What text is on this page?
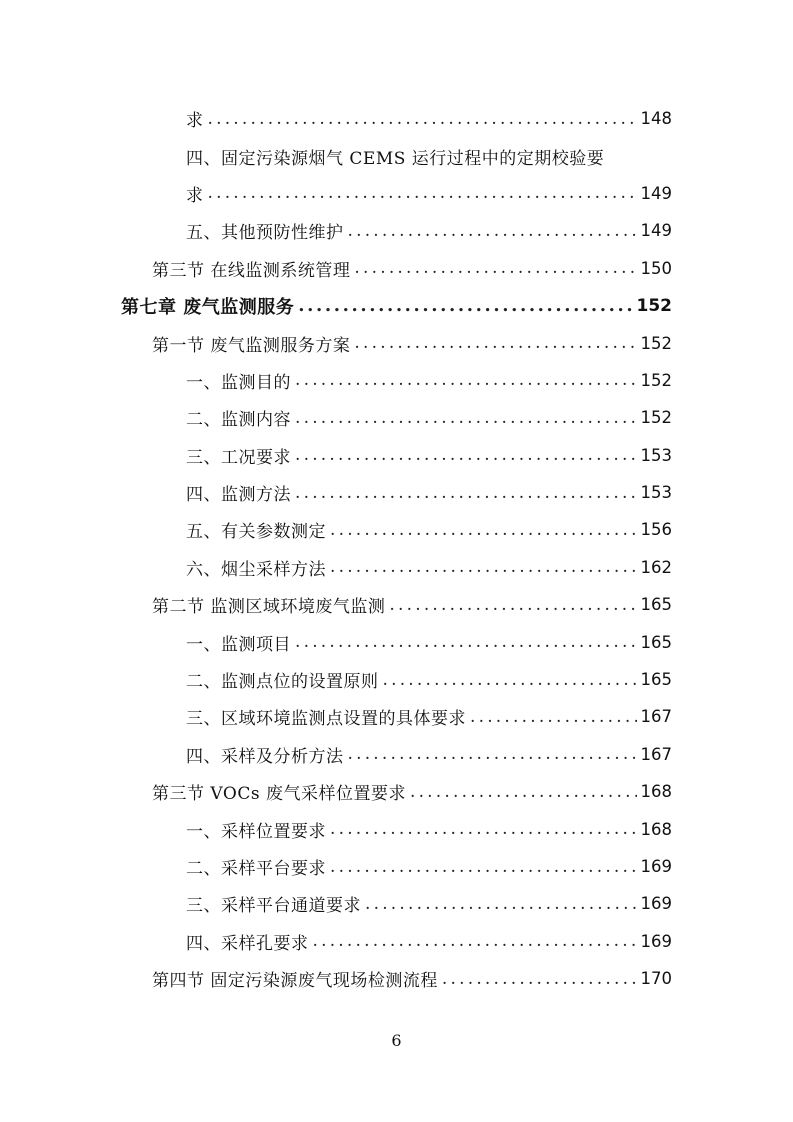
求 .....	148
四、固定污染源烟气 CEMS 运行过程中的定期校验要
求 .....	149
五、其他预防性维护 .....	149
第三节 在线监测系统管理 .....	150
第七章 废气监测服务 .....	152
第一节 废气监测服务方案 .....	152
一、监测目的 .....	152
二、监测内容 .....	152
三、工况要求 .....	153
四、监测方法 .....	153
五、有关参数测定 .....	156
六、烟尘采样方法 .....	162
第二节 监测区域环境废气监测 .....	165
一、监测项目 .....	165
二、监测点位的设置原则 .....	165
三、区域环境监测点设置的具体要求 .....	167
四、采样及分析方法 .....	167
第三节 VOCs 废气采样位置要求 .....	168
一、采样位置要求 .....	168
二、采样平台要求 .....	169
三、采样平台通道要求 .....	169
四、采样孔要求 .....	169
第四节 固定污染源废气现场检测流程 .....	170
6
